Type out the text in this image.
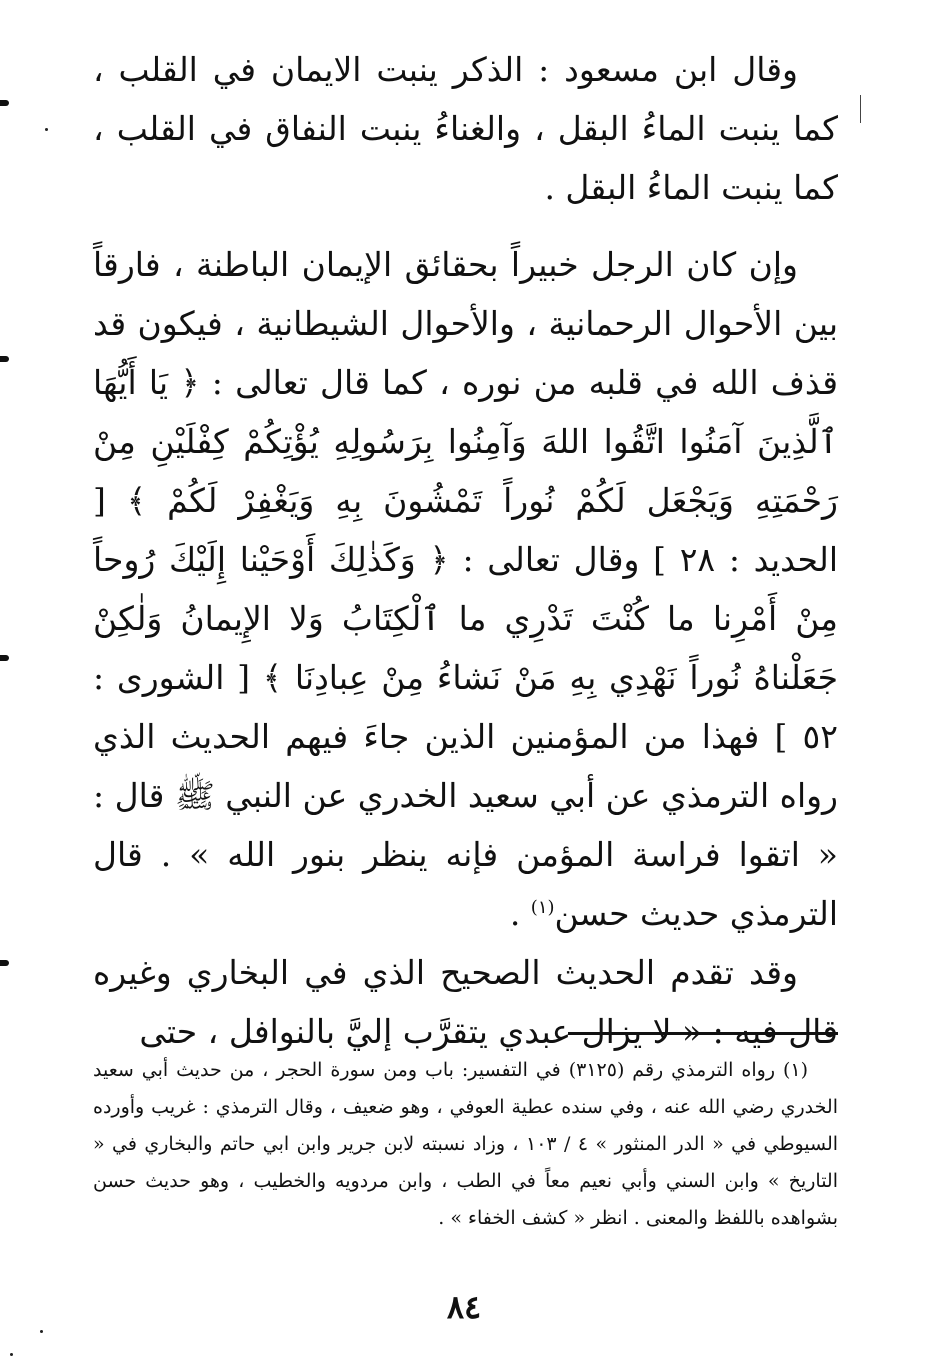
وقال ابن مسعود : الذكر ينبت الايمان في القلب ، كما ينبت الماءُ البقل ، والغناءُ ينبت النفاق في القلب ، كما ينبت الماءُ البقل .

وإن كان الرجل خبيراً بحقائق الإيمان الباطنة ، فارقاً بين الأحوال الرحمانية ، والأحوال الشيطانية ، فيكون قد قذف الله في قلبه من نوره ، كما قال تعالى : ﴿ يَا أَيُّهَا ٱلَّذِينَ آمَنُوا اتَّقُوا اللهَ وَآمِنُوا بِرَسُولِهِ يُؤْتِكُمْ كِفْلَيْنِ مِنْ رَحْمَتِهِ وَيَجْعَل لَكُمْ نُوراً تَمْشُونَ بِهِ وَيَغْفِرْ لَكُمْ ﴾ [ الحديد : ٢٨ ] وقال تعالى : ﴿ وَكَذٰلِكَ أَوْحَيْنا إِلَيْكَ رُوحاً مِنْ أَمْرِنا ما كُنْتَ تَدْرِي ما ٱلْكِتَابُ وَلا الإِيمانُ وَلٰكِنْ جَعَلْناهُ نُوراً نَهْدِي بِهِ مَنْ نَشاءُ مِنْ عِبادِنَا ﴾ [ الشورى : ٥٢ ] فهذا من المؤمنين الذين جاءَ فيهم الحديث الذي رواه الترمذي عن أبي سعيد الخدري عن النبي ﷺ قال : « اتقوا فراسة المؤمن فإنه ينظر بنور الله » . قال الترمذي حديث حسن$^{(١)}$ .

وقد تقدم الحديث الصحيح الذي في البخاري وغيره قال فيه : « لا يزال عبدي يتقرَّب إليَّ بالنوافل ، حتى

(١) رواه الترمذي رقم (٣١٢٥) في التفسير: باب ومن سورة الحجر ، من حديث أبي سعيد الخدري رضي الله عنه ، وفي سنده عطية العوفي ، وهو ضعيف ، وقال الترمذي : غريب وأورده السيوطي في « الدر المنثور » ٤ / ١٠٣ ، وزاد نسبته لابن جرير وابن ابي حاتم والبخاري في « التاريخ » وابن السني وأبي نعيم معاً في الطب ، وابن مردويه والخطيب ، وهو حديث حسن بشواهده باللفظ والمعنى . انظر « كشف الخفاء » .

٨٤
